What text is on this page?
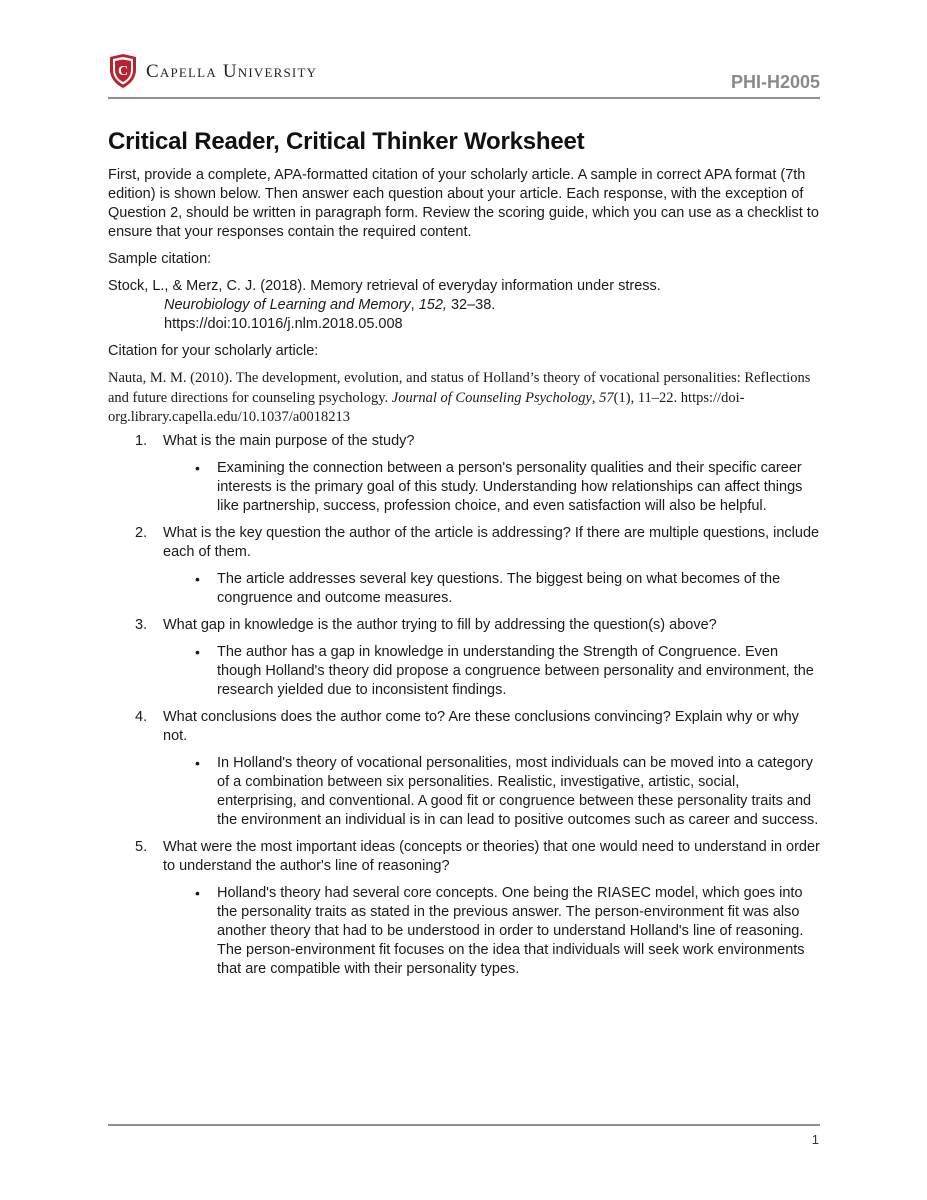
C Capella University	PHI-H2005
Critical Reader, Critical Thinker Worksheet

First, provide a complete, APA-formatted citation of your scholarly article. A sample in correct APA format (7th edition) is shown below. Then answer each question about your article. Each response, with the exception of Question 2, should be written in paragraph form. Review the scoring guide, which you can use as a checklist to ensure that your responses contain the required content.

Sample citation:

Stock, L., & Merz, C. J. (2018). Memory retrieval of everyday information under stress.

Neurobiology of Learning and Memory, 152, 32–38.

https://doi:10.1016/j.nlm.2018.05.008

Citation for your scholarly article:

Nauta, M. M. (2010). The development, evolution, and status of Holland’s theory of vocational personalities: Reflections and future directions for counseling psychology. Journal of Counseling Psychology, 57(1), 11–22. https://doi-org.library.capella.edu/10.1037/a0018213

1. What is the main purpose of the study?

• Examining the connection between a person's personality qualities and their specific career interests is the primary goal of this study. Understanding how relationships can affect things like partnership, success, profession choice, and even satisfaction will also be helpful.

2. What is the key question the author of the article is addressing? If there are multiple questions, include each of them.

• The article addresses several key questions. The biggest being on what becomes of the congruence and outcome measures.

3. What gap in knowledge is the author trying to fill by addressing the question(s) above?

• The author has a gap in knowledge in understanding the Strength of Congruence. Even though Holland's theory did propose a congruence between personality and environment, the research yielded due to inconsistent findings.

4. What conclusions does the author come to? Are these conclusions convincing? Explain why or why not.

• In Holland's theory of vocational personalities, most individuals can be moved into a category of a combination between six personalities. Realistic, investigative, artistic, social, enterprising, and conventional. A good fit or congruence between these personality traits and the environment an individual is in can lead to positive outcomes such as career and success.

5. What were the most important ideas (concepts or theories) that one would need to understand in order to understand the author's line of reasoning?

• Holland's theory had several core concepts. One being the RIASEC model, which goes into the personality traits as stated in the previous answer. The person-environment fit was also another theory that had to be understood in order to understand Holland's line of reasoning. The person-environment fit focuses on the idea that individuals will seek work environments that are compatible with their personality types.

1
